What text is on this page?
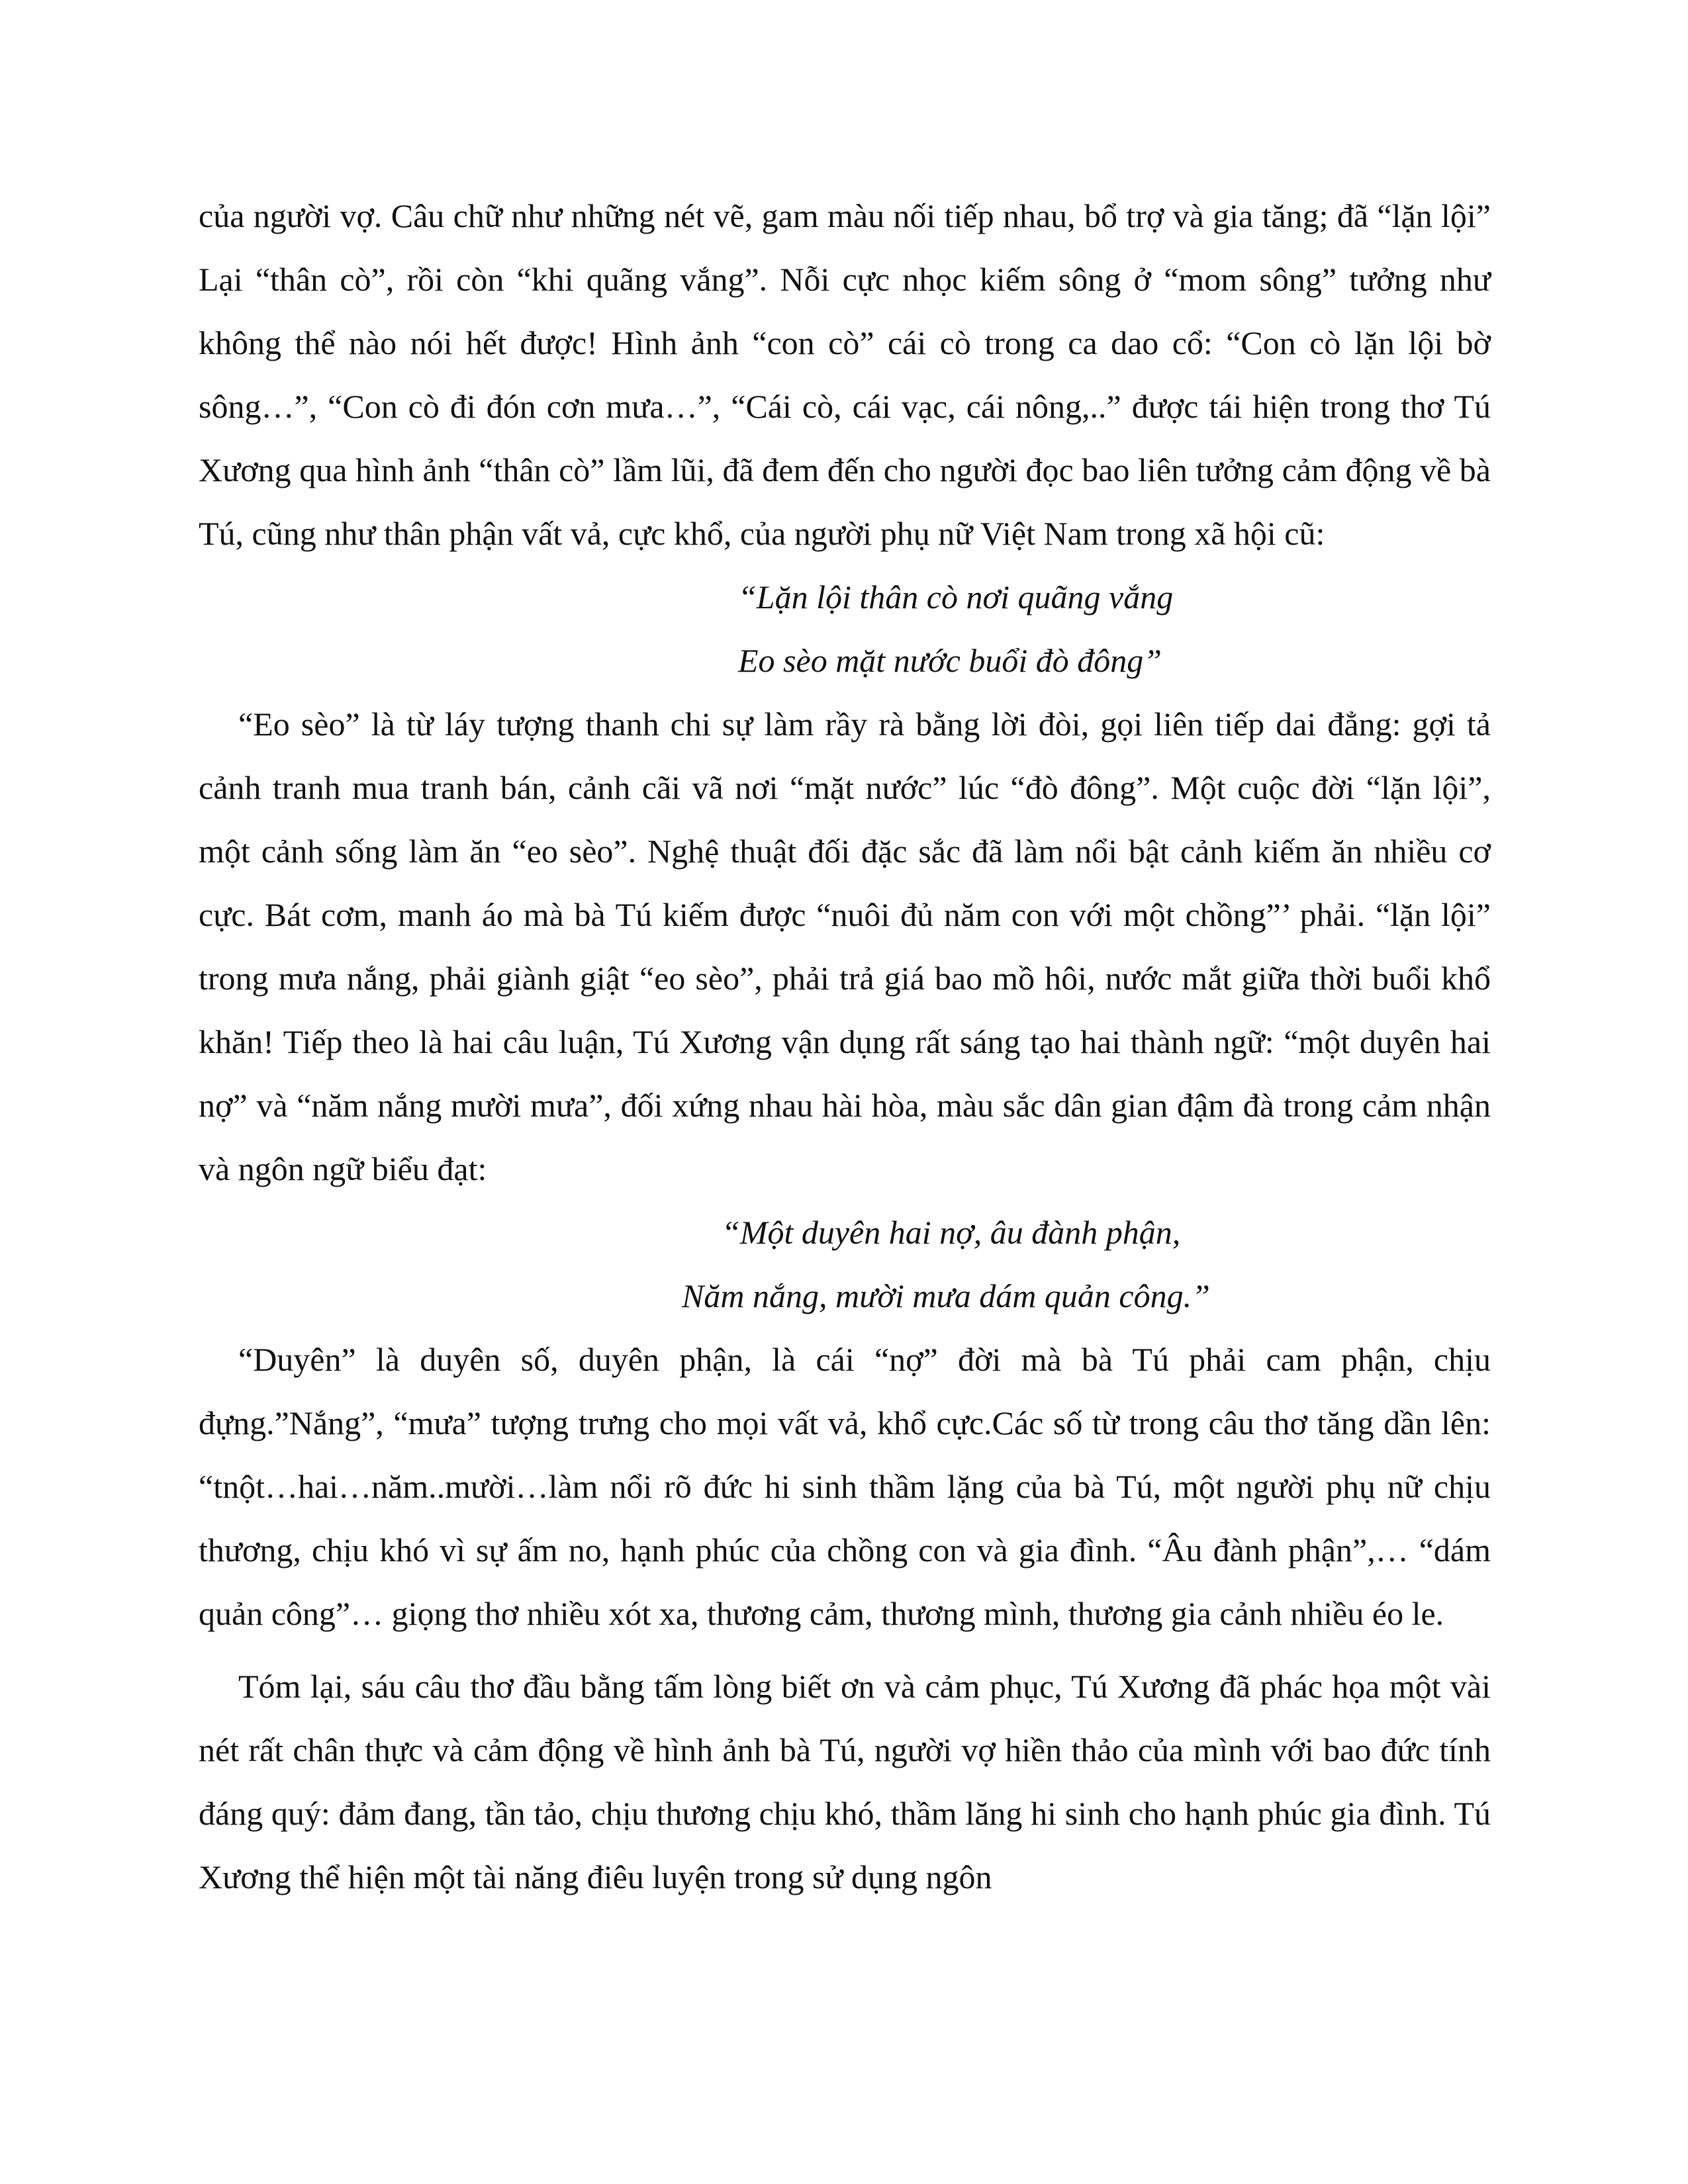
của người vợ. Câu chữ như những nét vẽ, gam màu nối tiếp nhau, bổ trợ và gia tăng; đã “lặn lội” Lại “thân cò”, rồi còn “khi quãng vắng”. Nỗi cực nhọc kiếm sông ở “mom sông” tưởng như không thể nào nói hết được! Hình ảnh “con cò” cái cò trong ca dao cổ: “Con cò lặn lội bờ sông…”, “Con cò đi đón cơn mưa…”, “Cái cò, cái vạc, cái nông,..” được tái hiện trong thơ Tú Xương qua hình ảnh “thân cò” lầm lũi, đã đem đến cho người đọc bao liên tưởng cảm động về bà Tú, cũng như thân phận vất vả, cực khổ, của người phụ nữ Việt Nam trong xã hội cũ:

“Lặn lội thân cò nơi quãng vắng

Eo sèo mặt nước buổi đò đông”

“Eo sèo” là từ láy tượng thanh chi sự làm rầy rà bằng lời đòi, gọi liên tiếp dai đẳng: gợi tả cảnh tranh mua tranh bán, cảnh cãi vã nơi “mặt nước” lúc “đò đông”. Một cuộc đời “lặn lội”, một cảnh sống làm ăn “eo sèo”. Nghệ thuật đối đặc sắc đã làm nổi bật cảnh kiếm ăn nhiều cơ cực. Bát cơm, manh áo mà bà Tú kiếm được “nuôi đủ năm con với một chồng”’ phải. “lặn lội” trong mưa nắng, phải giành giật “eo sèo”, phải trả giá bao mồ hôi, nước mắt giữa thời buổi khổ khăn! Tiếp theo là hai câu luận, Tú Xương vận dụng rất sáng tạo hai thành ngữ: “một duyên hai nợ” và “năm nắng mười mưa”, đối xứng nhau hài hòa, màu sắc dân gian đậm đà trong cảm nhận và ngôn ngữ biểu đạt:

“Một duyên hai nợ, âu đành phận,

Năm nắng, mười mưa dám quản công.”

“Duyên” là duyên số, duyên phận, là cái “nợ” đời mà bà Tú phải cam phận, chịu đựng.”Nắng”, “mưa” tượng trưng cho mọi vất vả, khổ cực.Các số từ trong câu thơ tăng dần lên: “tnột…hai…năm..mười…làm nổi rõ đức hi sinh thầm lặng của bà Tú, một người phụ nữ chịu thương, chịu khó vì sự ấm no, hạnh phúc của chồng con và gia đình. “Âu đành phận”,… “dám quản công”… giọng thơ nhiều xót xa, thương cảm, thương mình, thương gia cảnh nhiều éo le.

Tóm lại, sáu câu thơ đầu bằng tấm lòng biết ơn và cảm phục, Tú Xương đã phác họa một vài nét rất chân thực và cảm động về hình ảnh bà Tú, người vợ hiền thảo của mình với bao đức tính đáng quý: đảm đang, tần tảo, chịu thương chịu khó, thầm lăng hi sinh cho hạnh phúc gia đình. Tú Xương thể hiện một tài năng điêu luyện trong sử dụng ngôn
